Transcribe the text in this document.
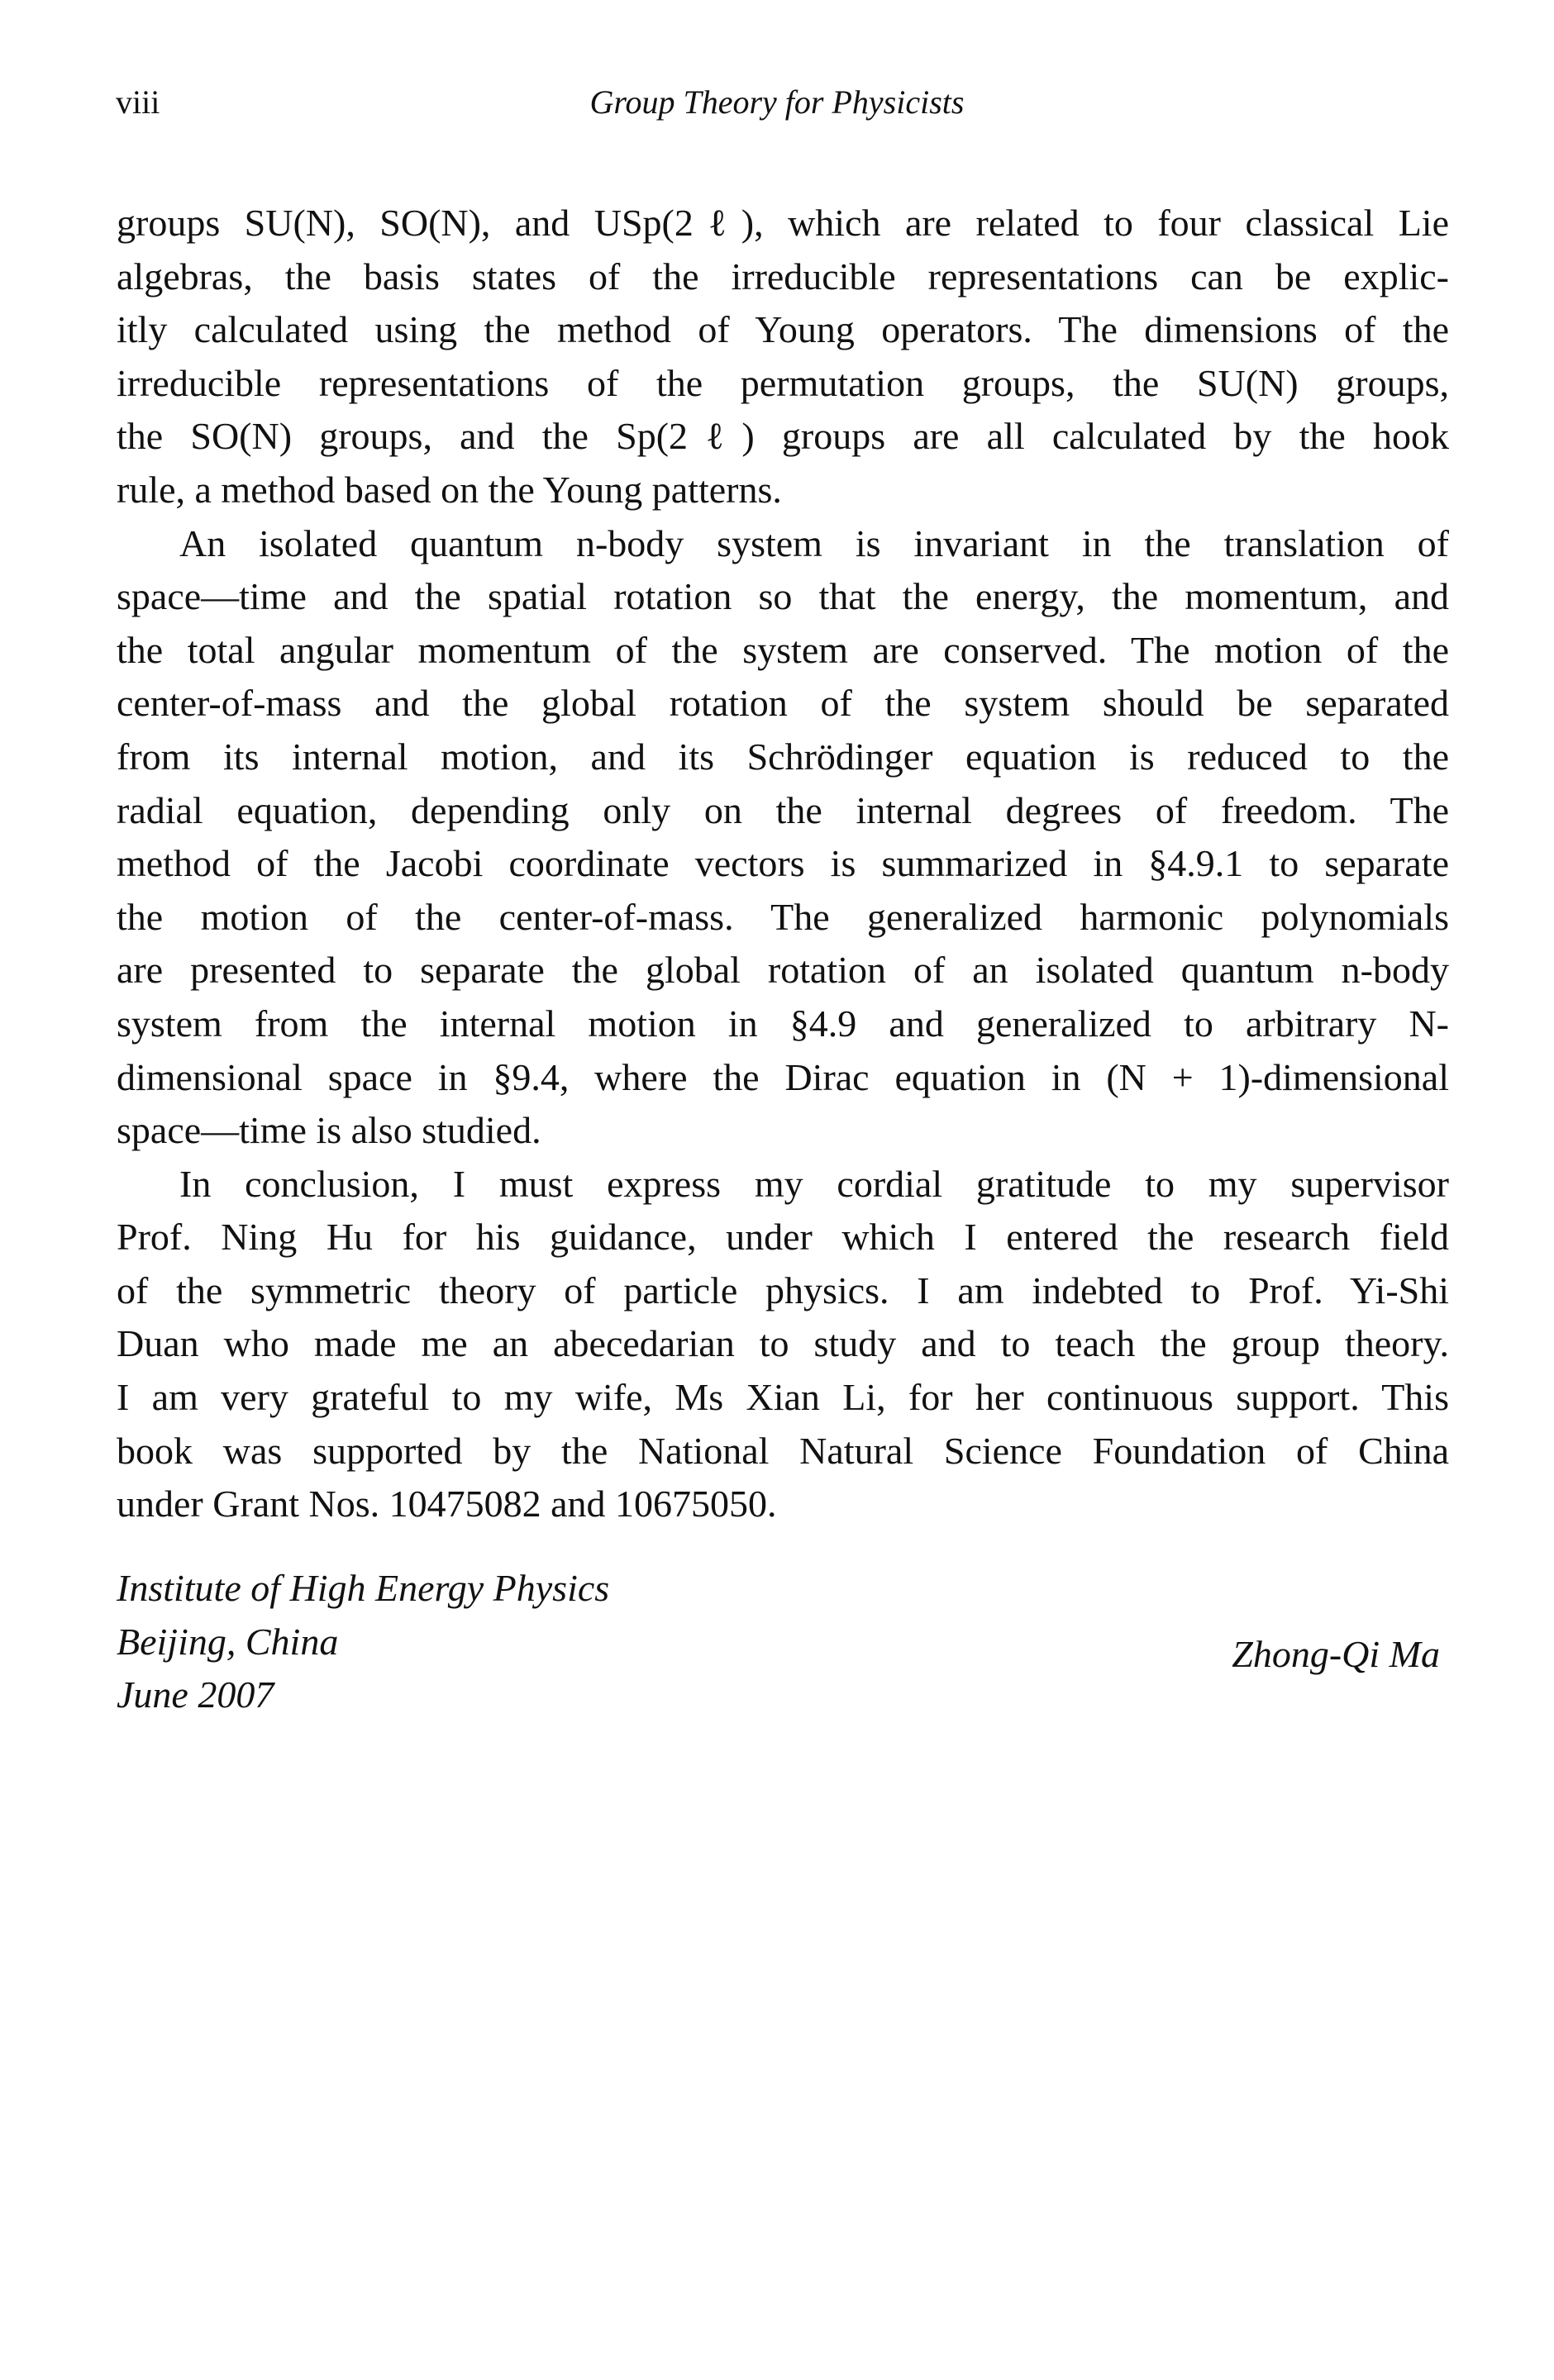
viii	Group Theory for Physicists
groups SU(N), SO(N), and USp(2ℓ), which are related to four classical Lie
algebras, the basis states of the irreducible representations can be explic-
itly calculated using the method of Young operators. The dimensions of the
irreducible representations of the permutation groups, the SU(N) groups,
the SO(N) groups, and the Sp(2ℓ) groups are all calculated by the hook
rule, a method based on the Young patterns.
An isolated quantum n-body system is invariant in the translation of
space—time and the spatial rotation so that the energy, the momentum, and
the total angular momentum of the system are conserved. The motion of the
center-of-mass and the global rotation of the system should be separated
from its internal motion, and its Schrödinger equation is reduced to the
radial equation, depending only on the internal degrees of freedom. The
method of the Jacobi coordinate vectors is summarized in §4.9.1 to separate
the motion of the center-of-mass. The generalized harmonic polynomials
are presented to separate the global rotation of an isolated quantum n-body
system from the internal motion in §4.9 and generalized to arbitrary N-
dimensional space in §9.4, where the Dirac equation in (N + 1)-dimensional
space—time is also studied.
In conclusion, I must express my cordial gratitude to my supervisor
Prof. Ning Hu for his guidance, under which I entered the research field
of the symmetric theory of particle physics. I am indebted to Prof. Yi-Shi
Duan who made me an abecedarian to study and to teach the group theory.
I am very grateful to my wife, Ms Xian Li, for her continuous support. This
book was supported by the National Natural Science Foundation of China
under Grant Nos. 10475082 and 10675050.
Institute of High Energy Physics
Beijing, China
June 2007
Zhong-Qi Ma
